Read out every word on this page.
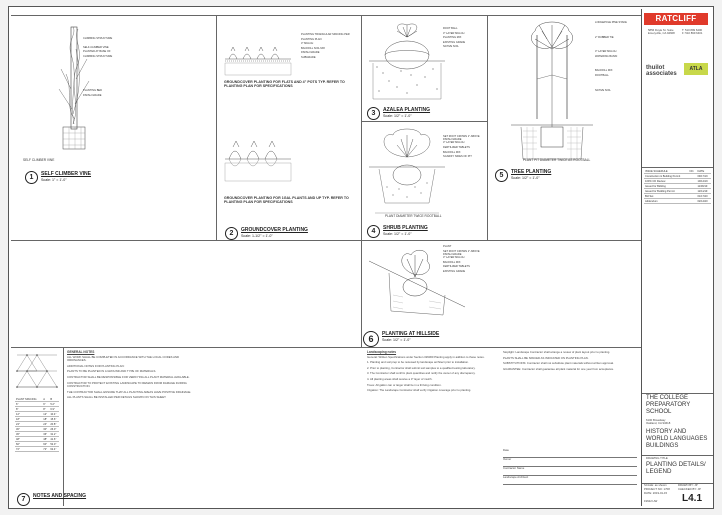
CLIMBING STRUCTURE
SELF-CLIMBER VINE PLANTED AT BASE OF CLIMBING STRUCTURE
PLANTING BED
FINISH GRADE
SELF CLIMBER VINE
1	SELF CLIMBER VINE
Scale: 1" = 1'-0"
PLANTING TRIANGULAR SPACING PER PLANTING PLAN
3" MULCH
BACKFILL SOIL MIX
FINISH GRADE
SUBGRADE
GROUNDCOVER PLANTING FOR FLATS AND 4" POTS TYP. REFER TO PLANTING PLAN FOR SPECIFICATIONS
GROUNDCOVER PLANTING FOR 1GAL PLANTS AND UP TYP. REFER TO PLANTING PLAN FOR SPECIFICATIONS
2	GROUNDCOVER PLANTING
Scale: 1-1/2" = 1'-0"
ROOT BALL
3" LAYER MULCH
PLANTING MIX
EXISTING GRADE
NATIVE SOIL
3	AZALEA PLANTING
Scale: 1/2" = 1'-0"
SET ROOT CROWN 1" ABOVE FINISH GRADE
3" LAYER MULCH
FERTILIZER TABLETS
BACKFILL MIX
SCARIFY SIDES OF PIT
PLANT DIAMETER TWICE ROOTBALL
4	SHRUB PLANTING
Scale: 1/2" = 1'-0"
LODGEPOLE PINE STAKE
2" RUBBER TIE
3" LAYER MULCH
WATERING BASIN
BACKFILL MIX
ROOTBALL
NATIVE SOIL
PLANT PIT DIAMETER TWICE AS ROOTBALL
5	TREE PLANTING
Scale: 1/2" = 1'-0"
PLANT
SET ROOT CROWN 1" ABOVE FINISH GRADE
3" LAYER MULCH
BACKFILL MIX
FERTILIZER TABLETS
EXISTING GRADE
6	PLANTING AT HILLSIDE
Scale: 1/2" = 1'-0"
PLANT SPACING	A	B
6"	6"	5.2"
8"	8"	6.9"
12"	12"	10.4"
18"	18"	15.6"
24"	24"	20.8"
30"	30"	26.0"
36"	36"	31.2"
48"	48"	41.6"
60"	60"	52.0"
72"	72"	62.4"
7	NOTES AND SPACING
GENERAL NOTES

ALL WORK SHALL BE COMPLETED IN ACCORDANCE WITH THE LOCAL CODES AND ORDINANCES.

ADDITIONAL NOTES FOR PLANTING PLAN:

PLANTS TO BE PLANTED IN A GROUND AND TYPE OF MATERIALS.

CONTRACTOR SHALL BE RESPONSIBLE FOR VERIFYING ALL PLANT MATERIAL AVAILABLE.

CONTRACTOR TO PROTECT EXISTING LANDSCAPE TO REMAIN FROM DAMAGE DURING CONSTRUCTION.

THE CONTRACTOR SHALL ENSURE THAT ALL PLANTING AREAS HAVE POSITIVE DRAINAGE.

ALL PLANTS SHALL BE INSTALLED PER DETAILS SHOWN ON THIS SHEET.

Landscaping notes

General: Written Specifications under Section 329300 Planting apply in addition to these notes.

1. Planting and soil prep to be reviewed by landscape architect prior to installation.

2. Prior to planting, Contractor shall submit soil samples to a qualified testing laboratory.

3. The Contractor shall confirm plant quantities and notify the owner of any discrepancy.

4. All planting areas shall receive a 3" layer of mulch.

Trees: All gallon can or larger shall be in a thriving condition.

Irrigation: The Landscape Contractor shall verify irrigation coverage prior to planting.

Stoplight: Landscape Contractor shall arrange a review of plant layout prior to planting.

PLANTS SHALL BE SPACED AS INDICATED ON PLANTING PLAN.

SUBSTITUTIONS: Contractor shall not substitute plant materials without written approval.

GUARANTEE: Contractor shall guarantee all plant material for one year from acceptance.

Date
Owner
Contractor Name
Landscape Architect
RATCLIFF
5856 Doyle St. Suite
Emeryville, CA 94608
T: 510 899 6400
F: 510 899 6401
thuilot associates
ATLA
ISSUE SCHEDULE	NO.	DATE
Construction & Building Permit		09/17/19
100% CD Review		10/14/19
Issued for Bidding		11/06/19
Issued for Building Permit		12/11/19
Bid Set		01/17/20
Addendum		02/14/20
THE COLLEGE PREPARATORY SCHOOL
6100 Broadway
Oakland, CA 94618
HISTORY AND WORLD LANGUAGES BUILDINGS
DRAWING TITLE
PLANTING DETAILS/ LEGEND
SCALE: as shown	DRAWN BY: JP
PROJECT NO: 1708	CHECKED BY: JP
DATE: 2019-01-15 L4.1
19622 HW
